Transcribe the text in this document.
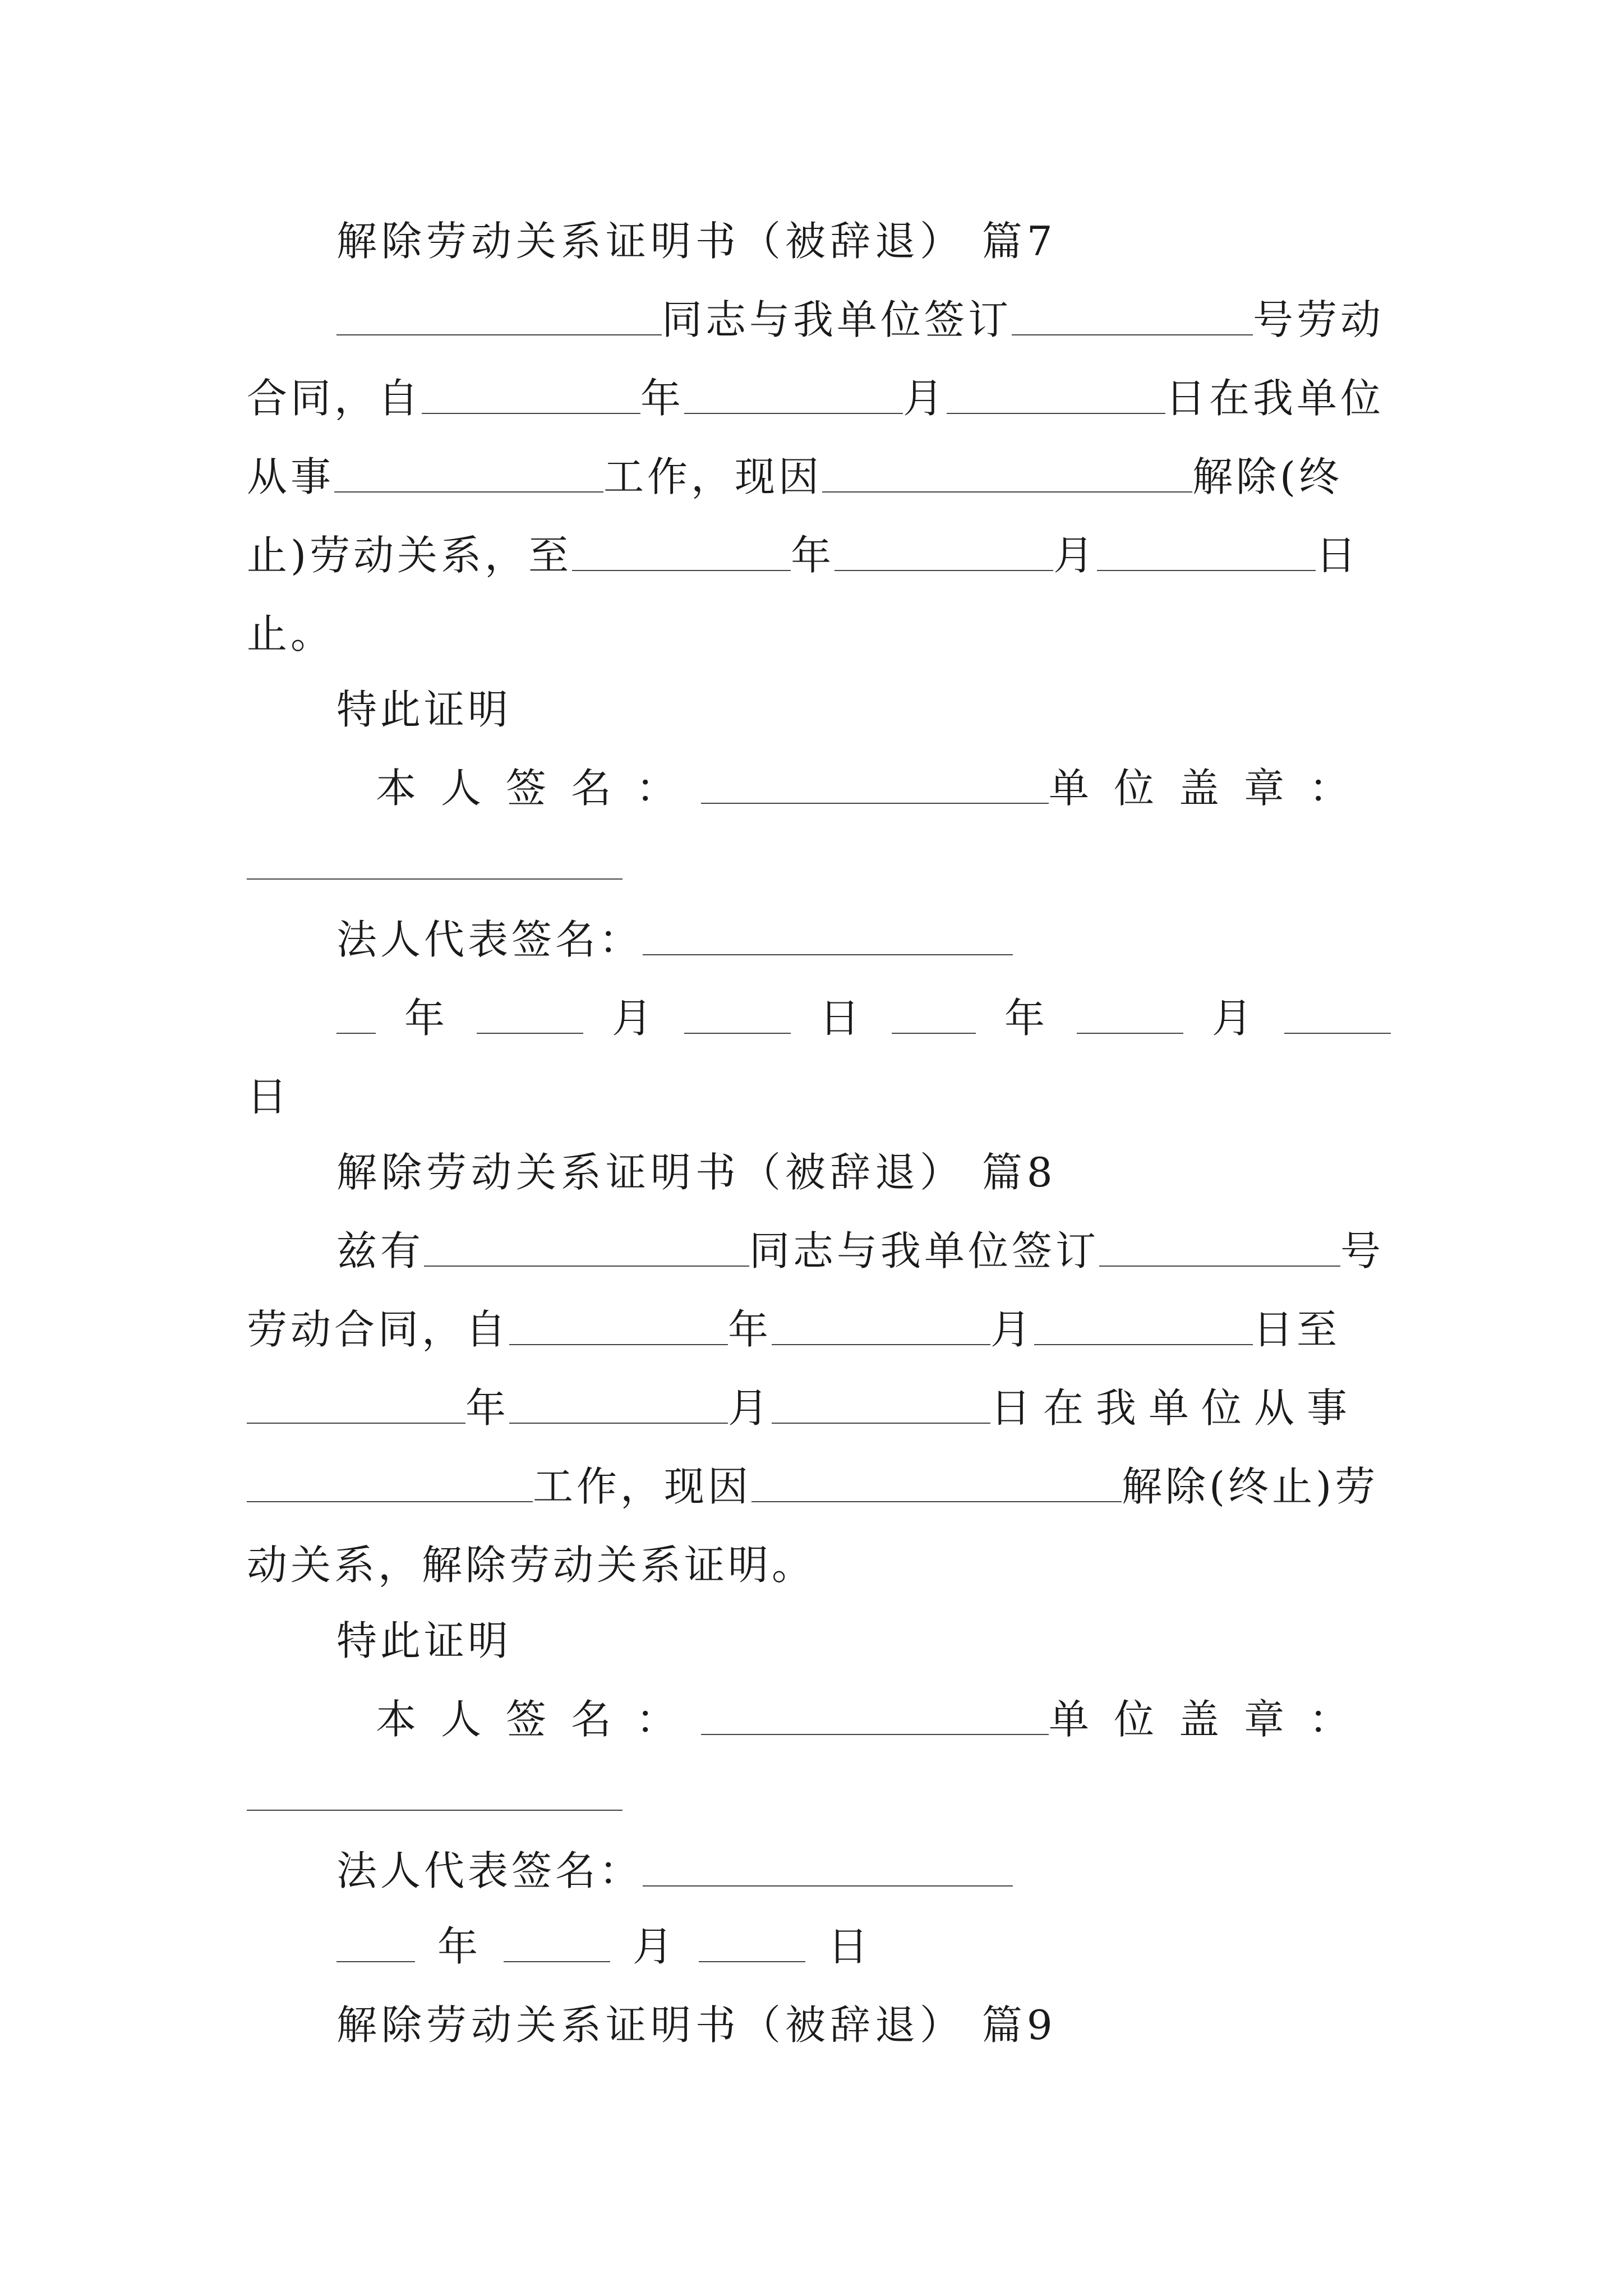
解除劳动关系证明书（被辞退） 篇7
同志与我单位签订	号劳动
合同，自	年	月	日在我单位
从事	工作，现因	解除(终
止)劳动关系，至	年	月	日
止。
特此证明
本人签名：	单位盖章：
法人代表签名：
年	月	日	年	月
日
解除劳动关系证明书（被辞退） 篇8
兹有	同志与我单位签订	号
劳动合同，自	年	月	日至
年	月	日在我单位从事
工作，现因	解除(终止)劳
动关系，解除劳动关系证明。
特此证明
本人签名：	单位盖章：
法人代表签名：
年	月	日
解除劳动关系证明书（被辞退） 篇9
